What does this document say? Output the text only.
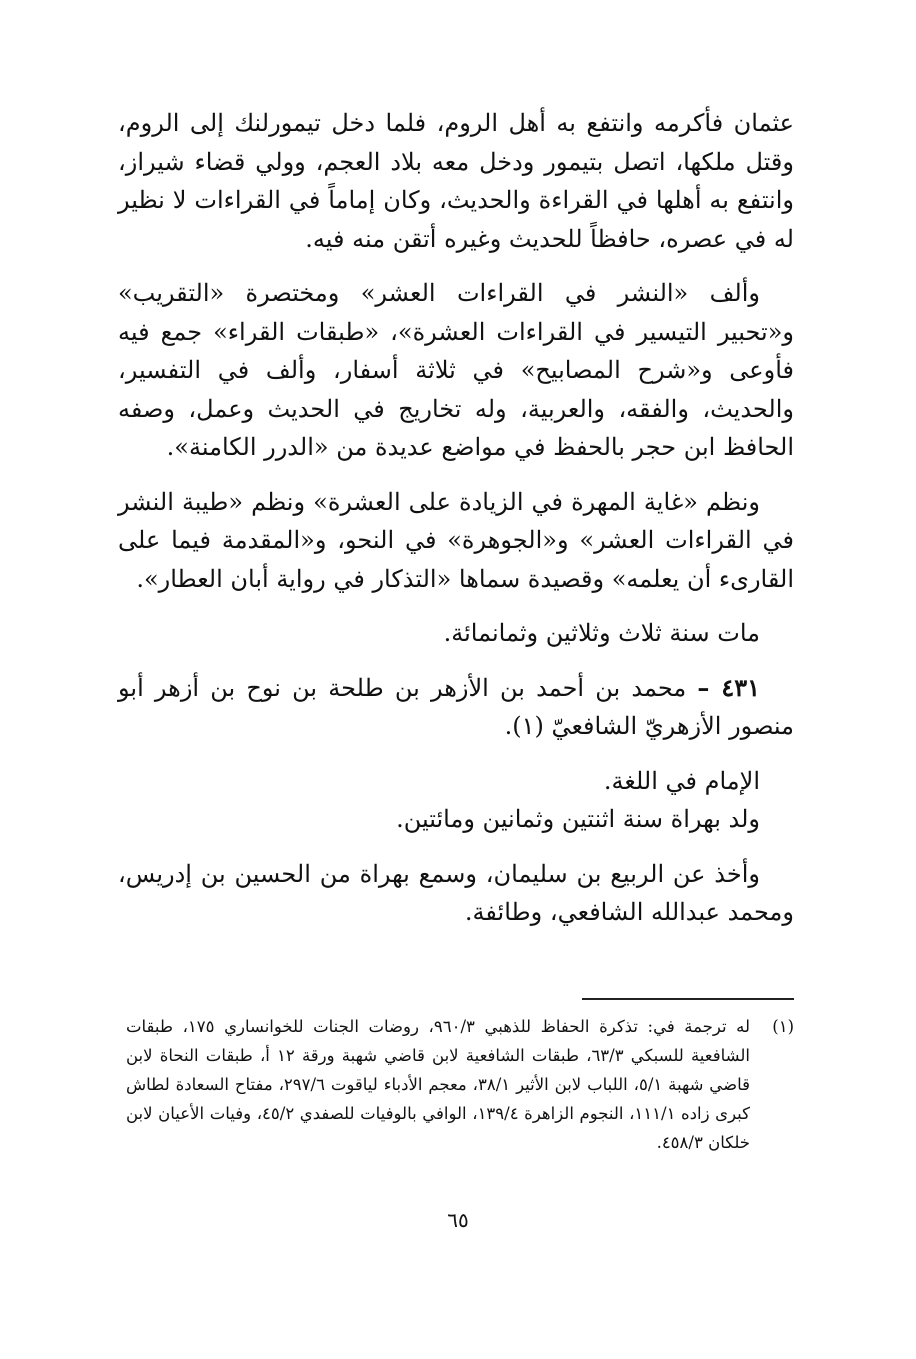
عثمان فأكرمه وانتفع به أهل الروم، فلما دخل تيمورلنك إلى الروم، وقتل ملكها، اتصل بتيمور ودخل معه بلاد العجم، وولي قضاء شيراز، وانتفع به أهلها في القراءة والحديث، وكان إماماً في القراءات لا نظير له في عصره، حافظاً للحديث وغيره أتقن منه فيه.

وألف «النشر في القراءات العشر» ومختصرة «التقريب» و«تحبير التيسير في القراءات العشرة»، «طبقات القراء» جمع فيه فأوعى و«شرح المصابيح» في ثلاثة أسفار، وألف في التفسير، والحديث، والفقه، والعربية، وله تخاريج في الحديث وعمل، وصفه الحافظ ابن حجر بالحفظ في مواضع عديدة من «الدرر الكامنة».

ونظم «غاية المهرة في الزيادة على العشرة» ونظم «طيبة النشر في القراءات العشر» و«الجوهرة» في النحو، و«المقدمة فيما على القارىء أن يعلمه» وقصيدة سماها «التذكار في رواية أبان العطار».

مات سنة ثلاث وثلاثين وثمانمائة.

٤٣١ – محمد بن أحمد بن الأزهر بن طلحة بن نوح بن أزهر أبو منصور الأزهريّ الشافعيّ (١).

الإمام في اللغة.

ولد بهراة سنة اثنتين وثمانين ومائتين.

وأخذ عن الربيع بن سليمان، وسمع بهراة من الحسين بن إدريس، ومحمد عبدالله الشافعي، وطائفة.

(١)
له ترجمة في: تذكرة الحفاظ للذهبي ٩٦٠/٣، روضات الجنات للخوانساري ١٧٥، طبقات الشافعية للسبكي ٦٣/٣، طبقات الشافعية لابن قاضي شهبة ورقة ١٢ أ، طبقات النحاة لابن قاضي شهبة ٥/١، اللباب لابن الأثير ٣٨/١، معجم الأدباء لياقوت ٢٩٧/٦، مفتاح السعادة لطاش كبرى زاده ١١١/١، النجوم الزاهرة ١٣٩/٤، الوافي بالوفيات للصفدي ٤٥/٢، وفيات الأعيان لابن خلكان ٤٥٨/٣.
٦٥
